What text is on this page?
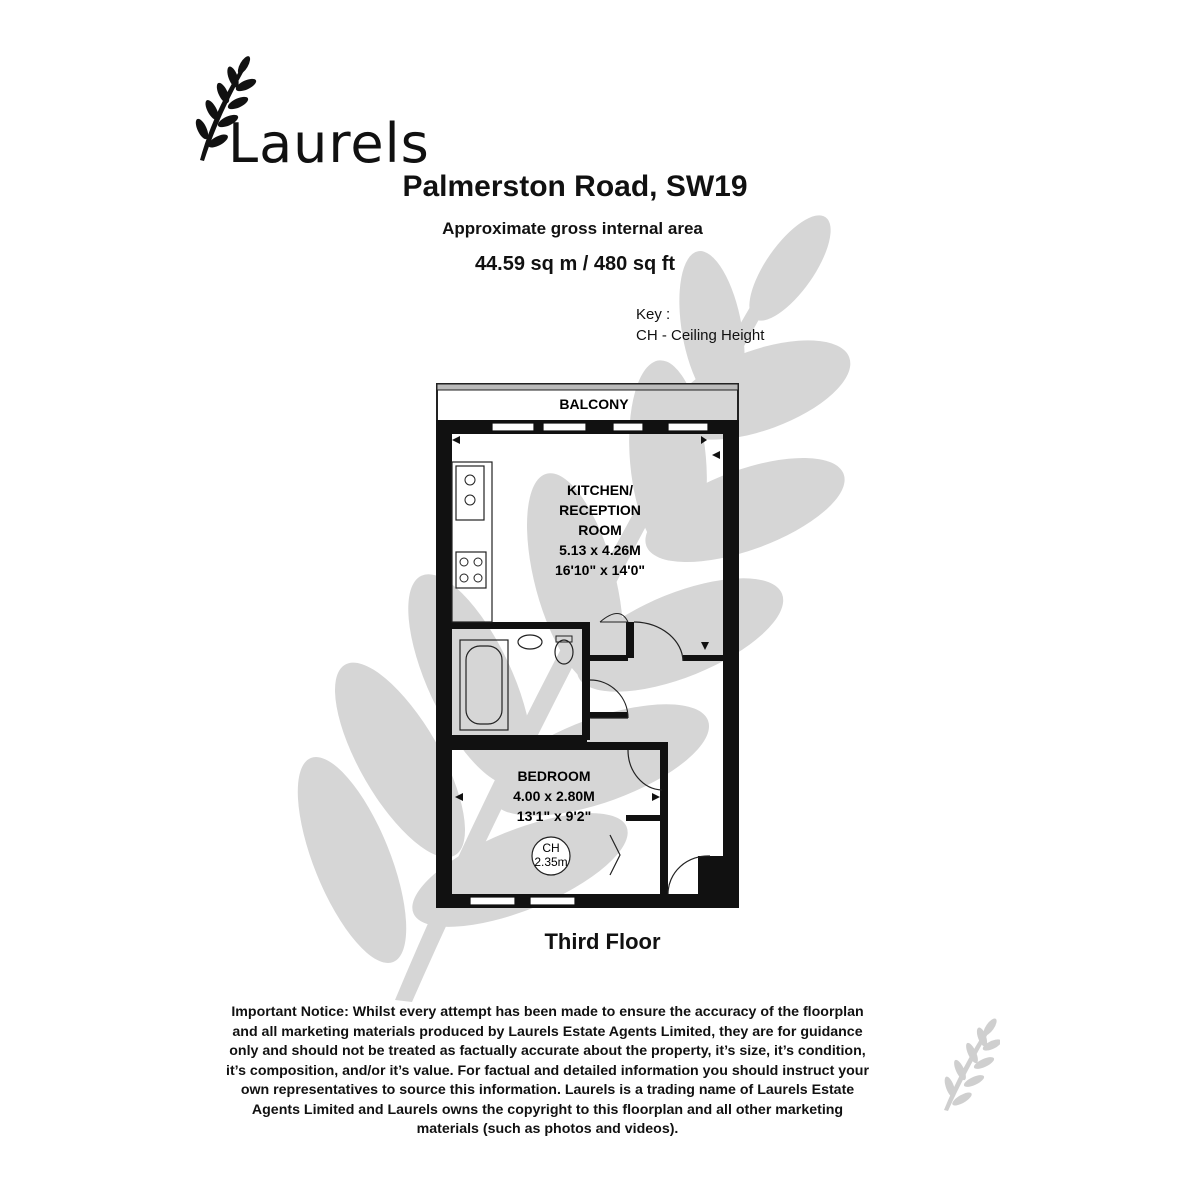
Laurels
Palmerston Road, SW19
Approximate gross internal area
44.59 sq m / 480 sq ft
Key :
CH - Ceiling Height
BALCONY
KITCHEN/
RECEPTION
ROOM
5.13 x 4.26M
16'10" x 14'0"
BEDROOM
4.00 x 2.80M
13'1" x 9'2"
CH
2.35m
Third Floor
Important Notice: Whilst every attempt has been made to ensure the accuracy of the floorplan and all marketing materials produced by Laurels Estate Agents Limited, they are for guidance only and should not be treated as factually accurate about the property, it’s size, it’s condition, it’s composition, and/or it’s value. For factual and detailed information you should instruct your own representatives to source this information. Laurels is a trading name of Laurels Estate Agents Limited and Laurels owns the copyright to this floorplan and all other marketing materials (such as photos and videos).
